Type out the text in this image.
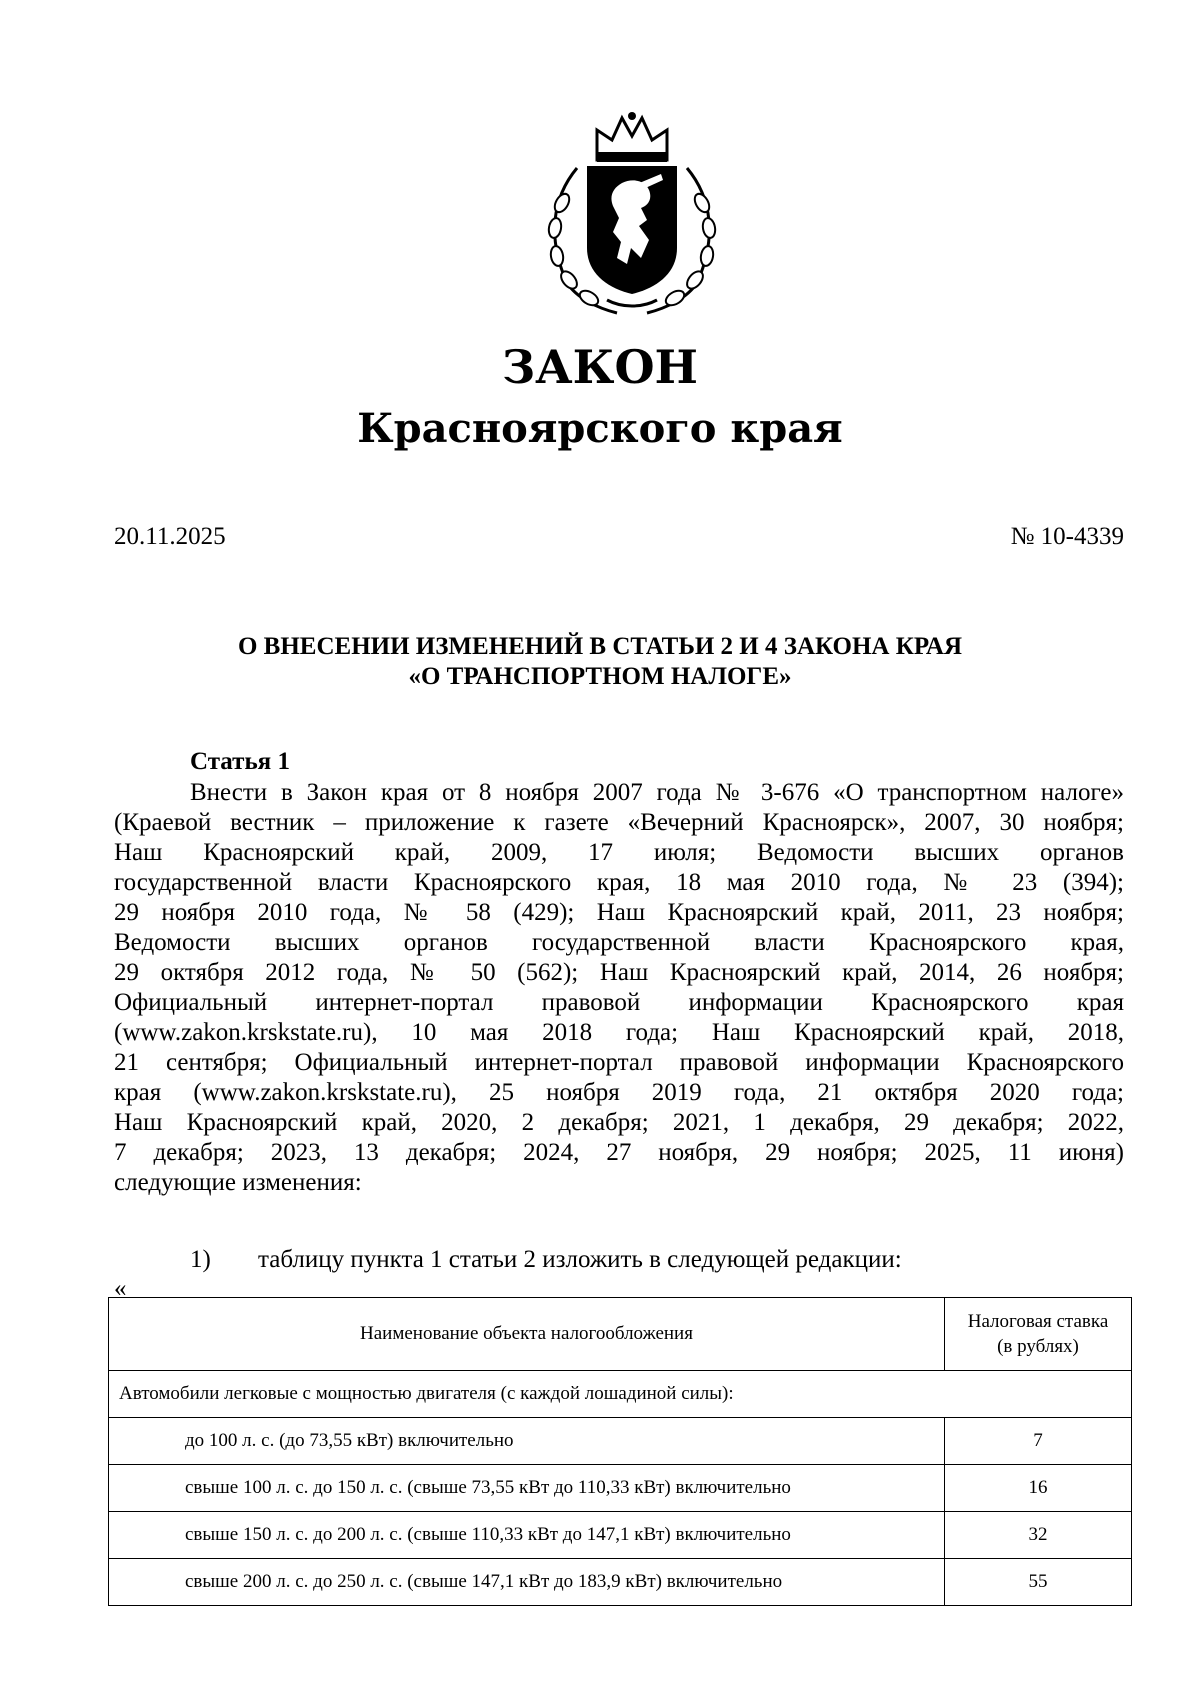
ЗАКОН
Красноярского края
20.11.2025	№ 10-4339
О ВНЕСЕНИИ ИЗМЕНЕНИЙ В СТАТЬИ 2 И 4 ЗАКОНА КРАЯ
«О ТРАНСПОРТНОМ НАЛОГЕ»
Статья 1
Внести в Закон края от 8 ноября 2007 года № 3-676 «О транспортном налоге»
(Краевой вестник – приложение к газете «Вечерний Красноярск», 2007, 30 ноября;
Наш Красноярский край, 2009, 17 июля; Ведомости высших органов
государственной власти Красноярского края, 18 мая 2010 года, № 23 (394);
29 ноября 2010 года, № 58 (429); Наш Красноярский край, 2011, 23 ноября;
Ведомости высших органов государственной власти Красноярского края,
29 октября 2012 года, № 50 (562); Наш Красноярский край, 2014, 26 ноября;
Официальный интернет-портал правовой информации Красноярского края
(www.zakon.krskstate.ru), 10 мая 2018 года; Наш Красноярский край, 2018,
21 сентября; Официальный интернет-портал правовой информации Красноярского
края (www.zakon.krskstate.ru), 25 ноября 2019 года, 21 октября 2020 года;
Наш Красноярский край, 2020, 2 декабря; 2021, 1 декабря, 29 декабря; 2022,
7 декабря; 2023, 13 декабря; 2024, 27 ноября, 29 ноября; 2025, 11 июня)
следующие изменения:
1) таблицу пункта 1 статьи 2 изложить в следующей редакции:
«
Наименование объекта налогообложения	Налоговая ставка
(в рублях)
Автомобили легковые с мощностью двигателя (с каждой лошадиной силы):	
до 100 л. с. (до 73,55 кВт) включительно	7
свыше 100 л. с. до 150 л. с. (свыше 73,55 кВт до 110,33 кВт) включительно	16
свыше 150 л. с. до 200 л. с. (свыше 110,33 кВт до 147,1 кВт) включительно	32
свыше 200 л. с. до 250 л. с. (свыше 147,1 кВт до 183,9 кВт) включительно	55
